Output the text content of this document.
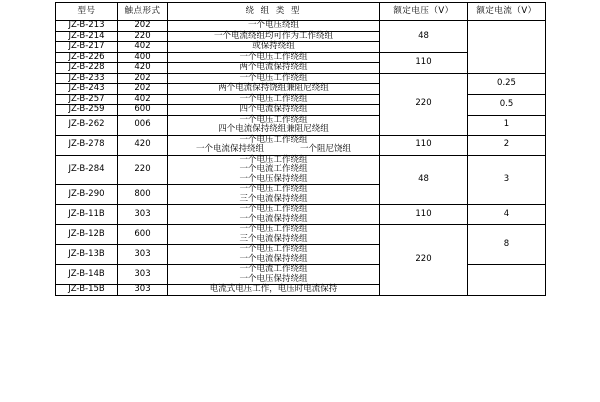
型号	触点形式	绕 组 类 型	额定电压（V）	额定电流（V）
JZ-B-213	202	一个电压绕组	48	
JZ-B-214	220	一个电流绕组均可作为工作绕组		

JZ-B-217	402	或保持绕组		

JZ-B-226	400	一个电压工作绕组	110	
JZ-B-228	420	两个电流保持绕组		

JZ-B-233	202	一个电压工作绕组	220	0.25
JZ-B-243	202	两个电流保持饶组兼阻尼绕组		

JZ-B-257	402	一个电压工作绕组		0.5
JZ-B-259	600	四个电流保持绕组		

JZ-B-262	006	一个电压工作绕组
四个电流保持绕组兼阻尼绕组		1
JZ-B-278	420	一个电压工作绕组
一个电流保持绕组 一个阻尼饶组	110	2
JZ-B-284	220	一个电压工作绕组
一个电流工作绕组
一个电压保持绕组	48	3
JZ-B-290	800	一个电压工作绕组
三个电流保持绕组		

JZ-B-11B	303	一个电压工作绕组
一个电流保持绕组	110	4
JZ-B-12B	600	一个电压工作绕组
三个电流保持绕组	220	8
JZ-B-13B	303	一个电压工作绕组
一个电流保持绕组		

JZ-B-14B	303	一个电流工作绕组
一个电压保持绕组		

JZ-B-15B	303	电流式电压工作，电压时电流保持		
